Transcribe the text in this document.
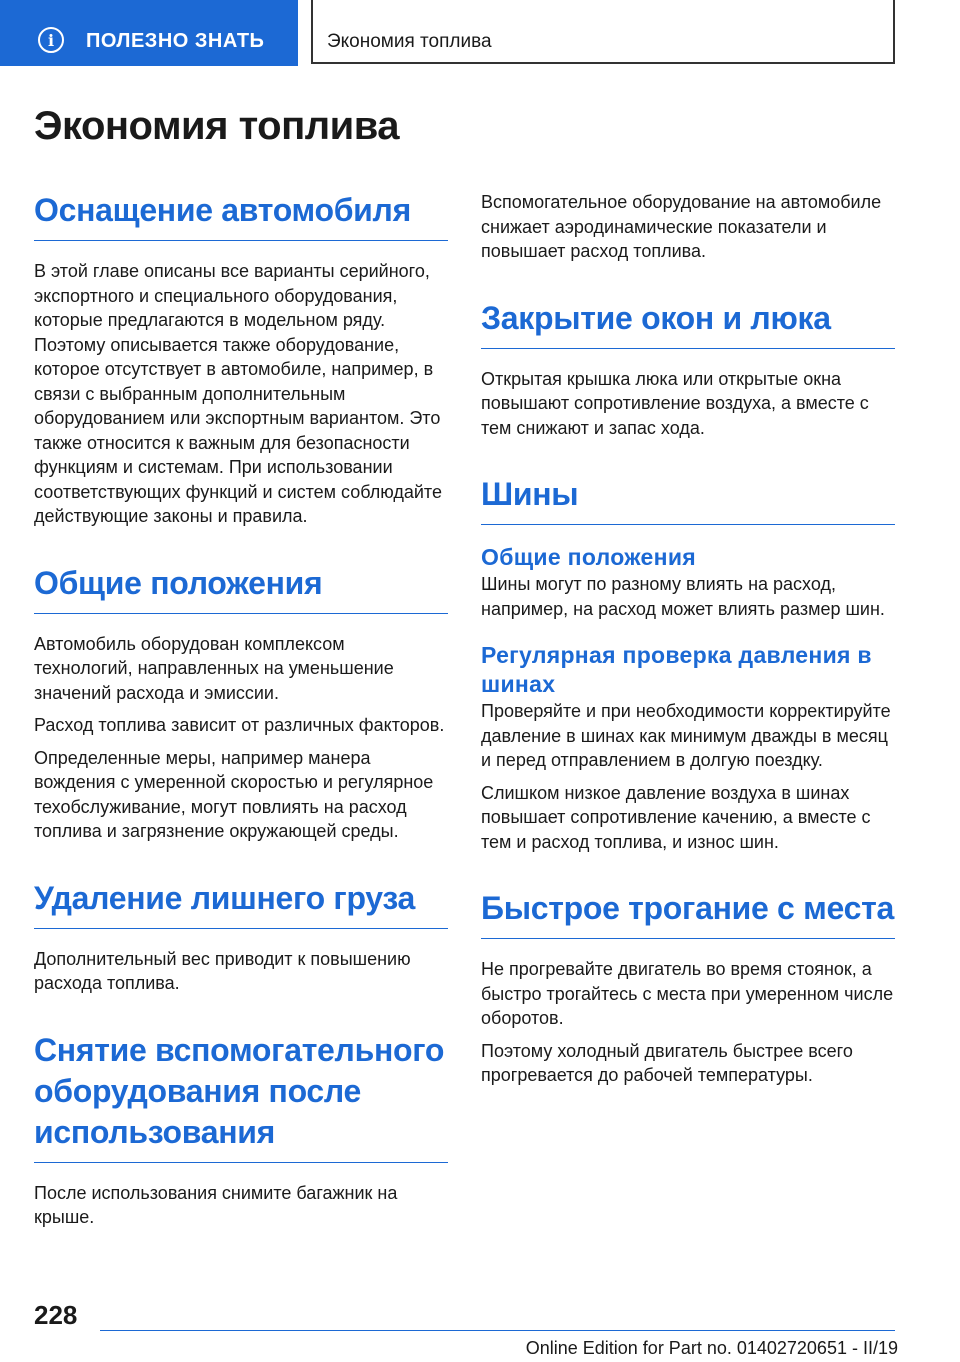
i	ПОЛЕЗНО ЗНАТЬ	Экономия топлива
Экономия топлива
Оснащение автомобиля

В этой главе описаны все варианты серийного, экспортного и специального оборудования, которые предлагаются в модельном ряду. Поэтому описывается также оборудование, которое отсутствует в автомобиле, например, в связи с выбранным дополнительным оборудованием или экспортным вариантом. Это также относится к важным для безопасности функциям и системам. При использовании соответствующих функций и систем соблюдайте действующие законы и правила.

Общие положения

Автомобиль оборудован комплексом технологий, направленных на уменьшение значений расхода и эмиссии.

Расход топлива зависит от различных факторов.

Определенные меры, например манера вождения с умеренной скоростью и регулярное техобслуживание, могут повлиять на расход топлива и загрязнение окружающей среды.

Удаление лишнего груза

Дополнительный вес приводит к повышению расхода топлива.

Снятие вспомогательного оборудования после использования

После использования снимите багажник на крыше.

Вспомогательное оборудование на автомобиле снижает аэродинамические показатели и повышает расход топлива.

Закрытие окон и люка

Открытая крышка люка или открытые окна повышают сопротивление воздуха, а вместе с тем снижают и запас хода.

Шины
Общие положения

Шины могут по разному влиять на расход, например, на расход может влиять размер шин.

Регулярная проверка давления в шинах

Проверяйте и при необходимости корректируйте давление в шинах как минимум дважды в месяц и перед отправлением в долгую поездку.

Слишком низкое давление воздуха в шинах повышает сопротивление качению, а вместе с тем и расход топлива, и износ шин.

Быстрое трогание с места

Не прогревайте двигатель во время стоянок, а быстро трогайтесь с места при умеренном числе оборотов.

Поэтому холодный двигатель быстрее всего прогревается до рабочей температуры.

228
Online Edition for Part no. 01402720651 - II/19
